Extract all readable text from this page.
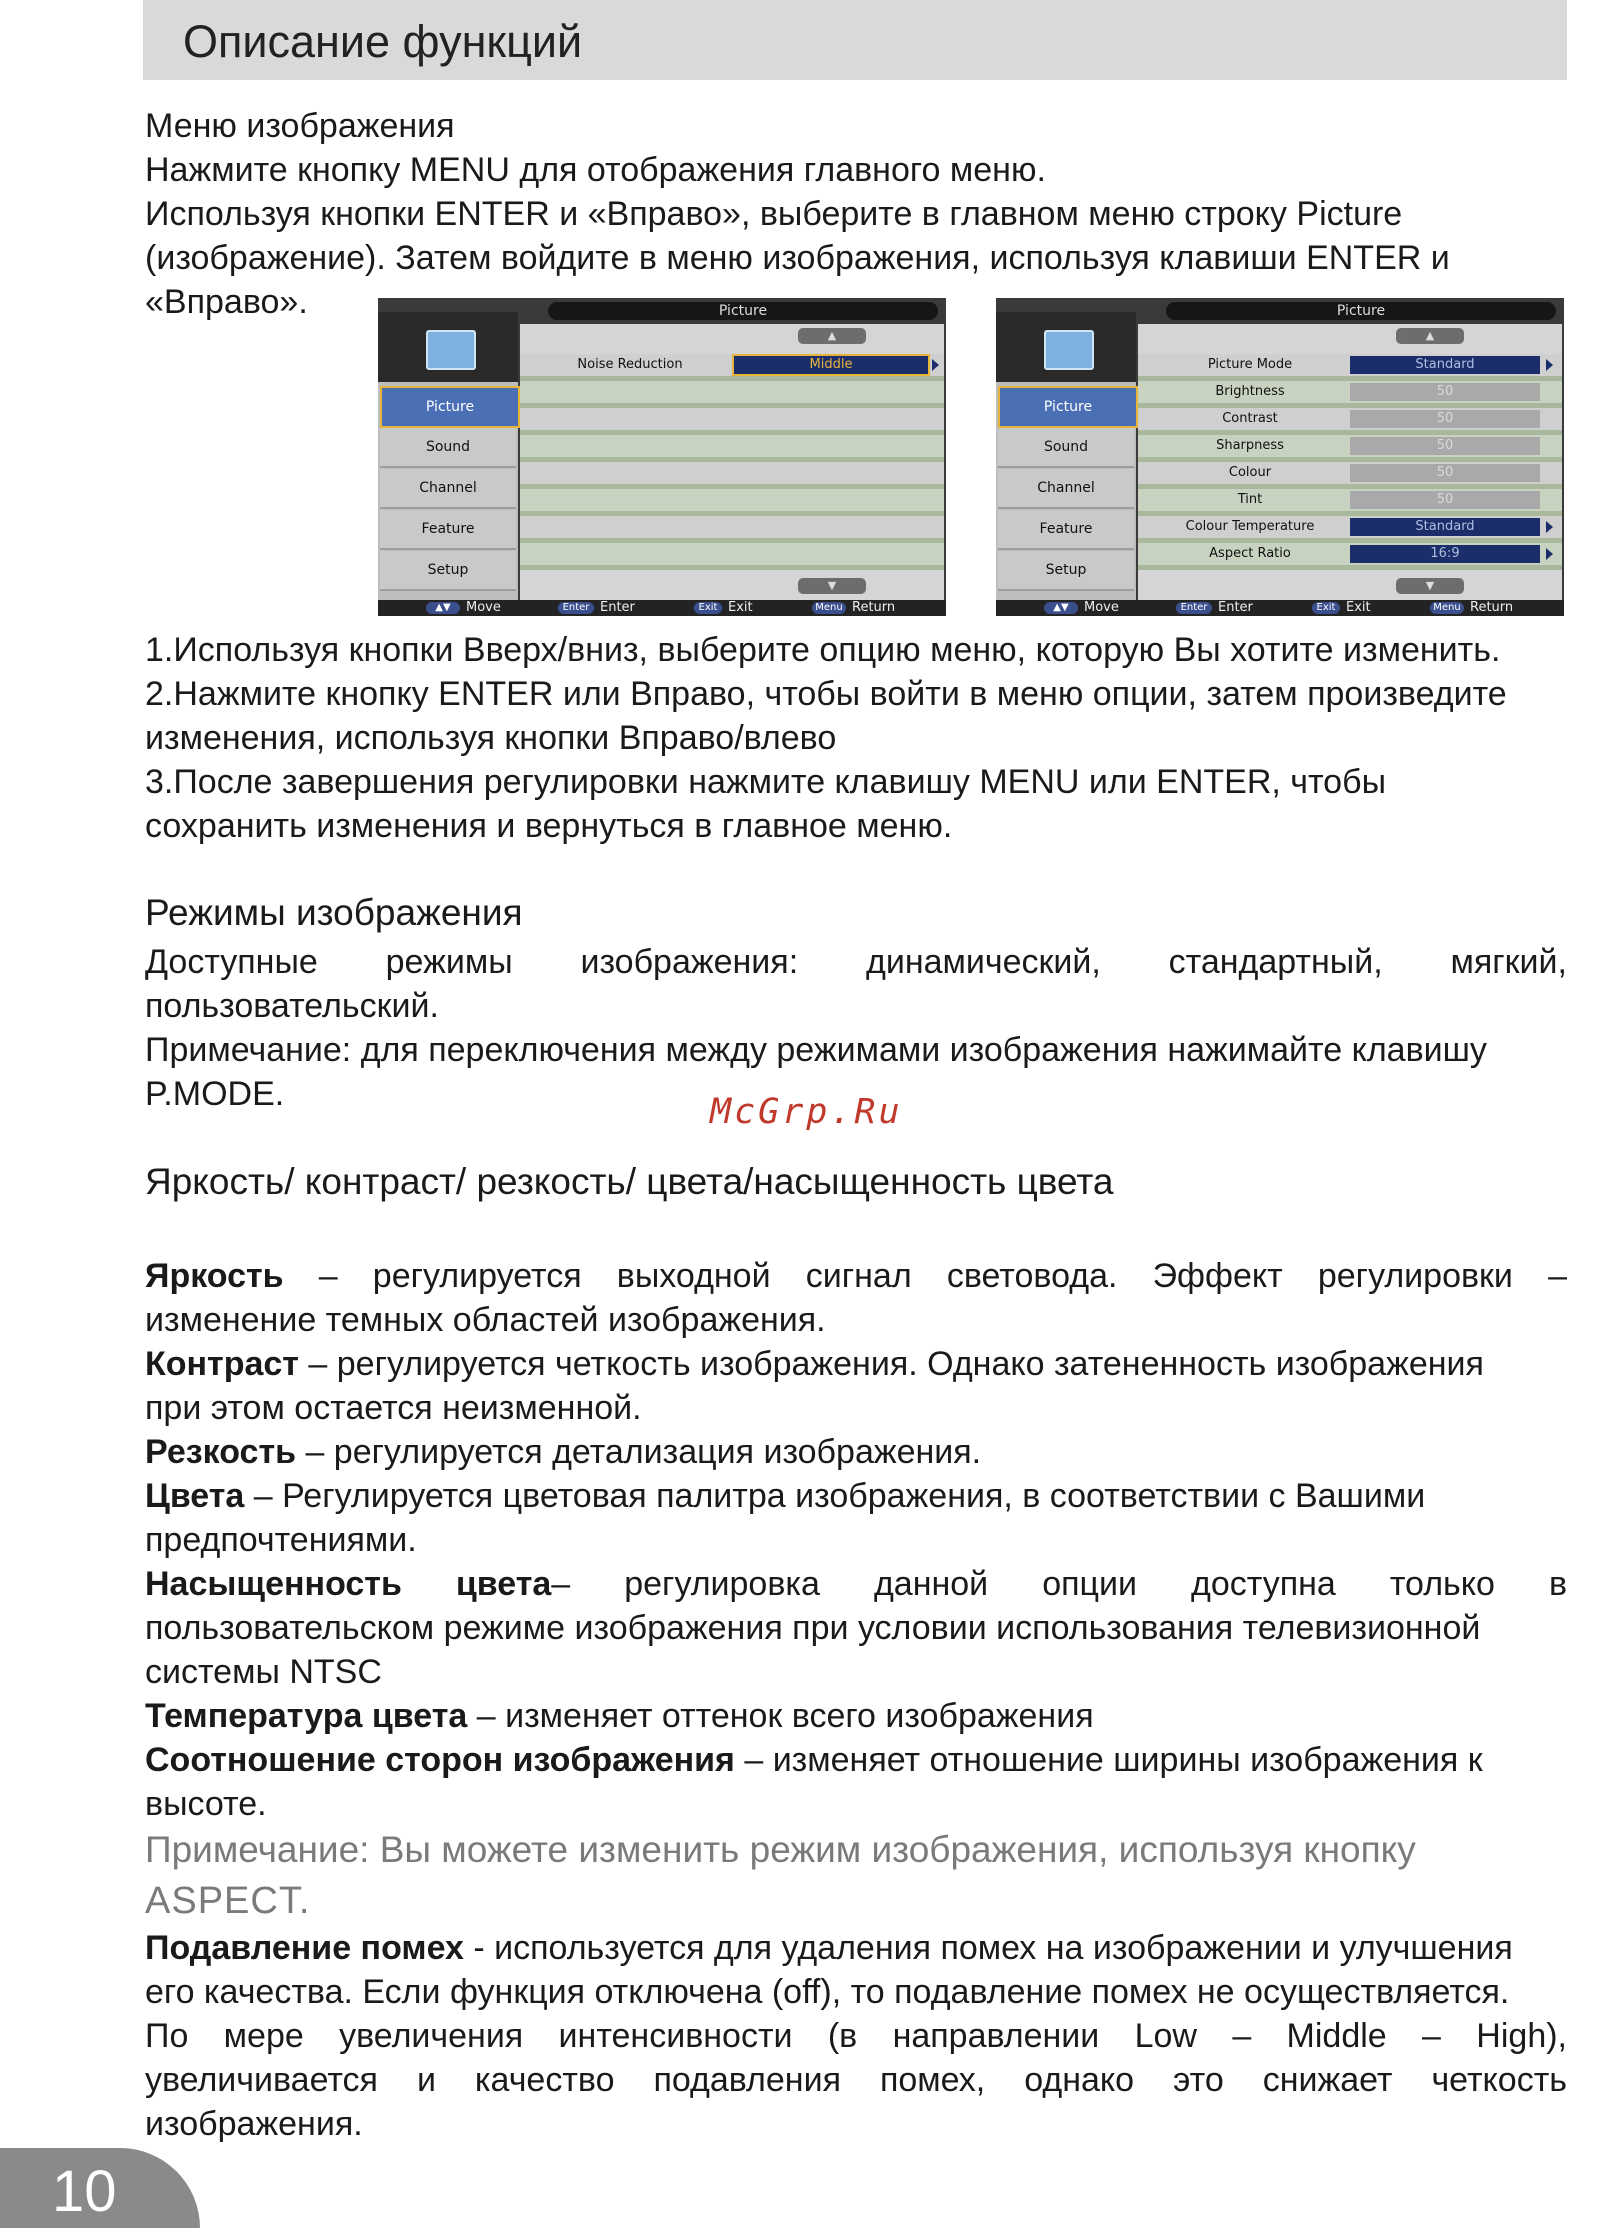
Описание функций
Меню изображения
Нажмите кнопку MENU для отображения главного меню.
Используя кнопки ENTER и «Вправо», выберите в главном меню строку Picture
(изображение). Затем войдите в меню изображения, используя клавиши ENTER и
«Вправо».	Picture
Picture
Sound
Channel
Feature
Setup
▲
Noise Reduction	Middle
▼
▲▼	Move	Enter Enter	Exit Exit	Menu Return
Picture
Picture
Sound
Channel
Feature
Setup
▲
Picture Mode	Standard
Brightness	50
Contrast	50
Sharpness	50
Colour	50
Tint	50
Colour Temperature	Standard
Aspect Ratio	16:9
▼
▲▼	Move	Enter Enter	Exit Exit	Menu Return
1.Используя кнопки Вверх/вниз, выберите опцию меню, которую Вы хотите изменить.
2.Нажмите кнопку ENTER или Вправо, чтобы войти в меню опции, затем произведите
изменения, используя кнопки Вправо/влево
3.После завершения регулировки нажмите клавишу MENU или ENTER, чтобы
сохранить изменения и вернуться в главное меню.
Режимы изображения
Доступные режимы изображения: динамический, стандартный, мягкий,
пользовательский.
Примечание: для переключения между режимами изображения нажимайте клавишу
P.MODE.	McGrp.Ru
Яркость/ контраст/ резкость/ цвета/насыщенность цвета
Яркость – регулируется выходной сигнал световода. Эффект регулировки –
изменение темных областей изображения.
Контраст – регулируется четкость изображения. Однако затененность изображения
при этом остается неизменной.
Резкость – регулируется детализация изображения.
Цвета – Регулируется цветовая палитра изображения, в соответствии с Вашими
предпочтениями.
Насыщенность цвета– регулировка данной опции доступна только в
пользовательском режиме изображения при условии использования телевизионной
системы NTSC
Температура цвета – изменяет оттенок всего изображения
Соотношение сторон изображения – изменяет отношение ширины изображения к
высоте.
Примечание: Вы можете изменить режим изображения, используя кнопку
ASPECT.
Подавление помех - используется для удаления помех на изображении и улучшения
его качества. Если функция отключена (off), то подавление помех не осуществляется.
По мере увеличения интенсивности (в направлении Low – Middle – High),
увеличивается и качество подавления помех, однако это снижает четкость
изображения.
10
